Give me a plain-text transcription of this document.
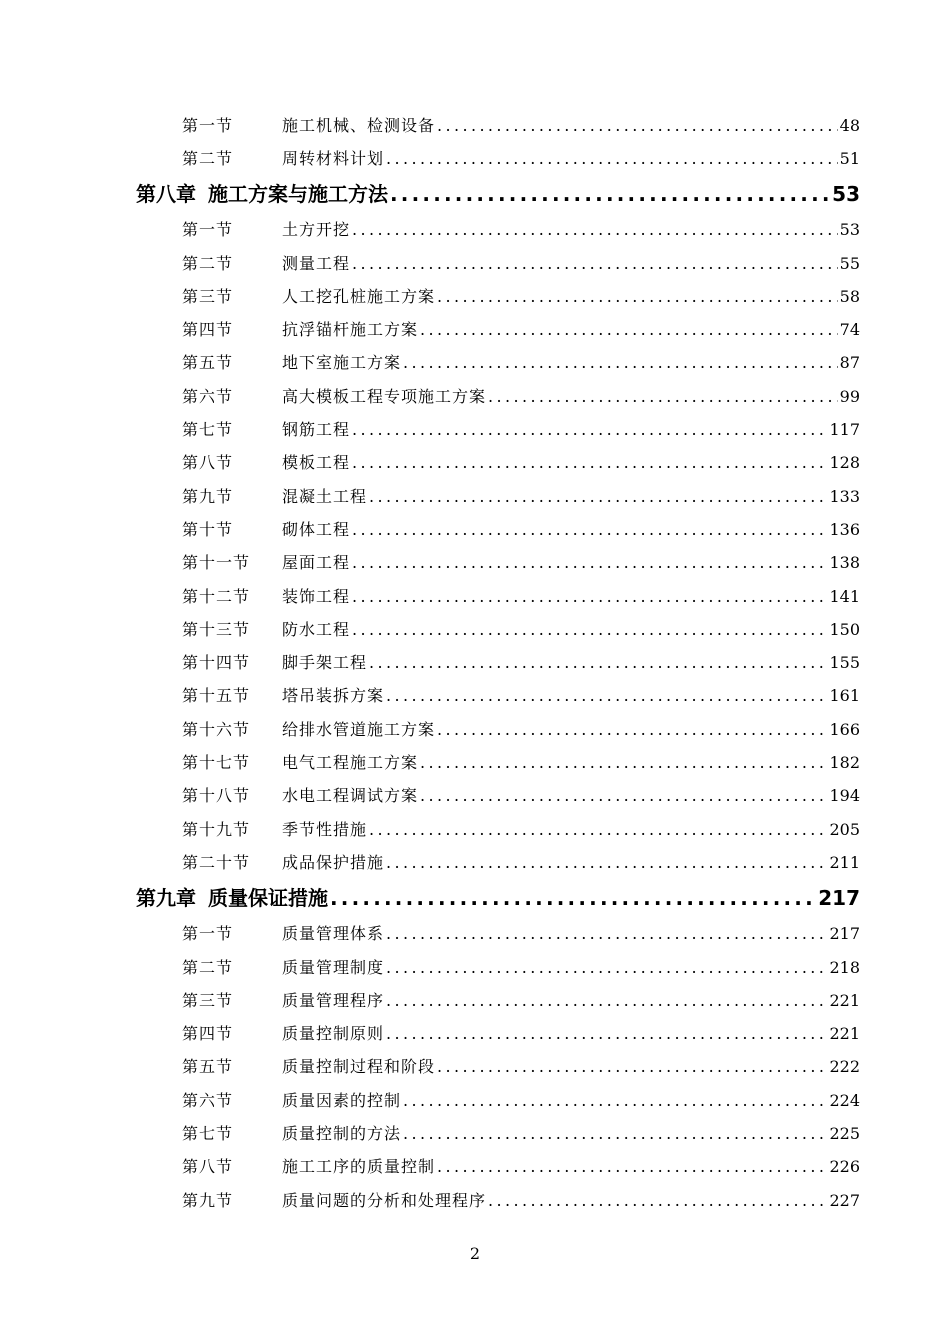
第一节	施工机械、检测设备 .....	48
第二节	周转材料计划 .....	51
第八章 施工方案与施工方法 .....	53
第一节	土方开挖 .....	53
第二节	测量工程 .....	55
第三节	人工挖孔桩施工方案 .....	58
第四节	抗浮锚杆施工方案 .....	74
第五节	地下室施工方案 .....	87
第六节	高大模板工程专项施工方案 .....	99
第七节	钢筋工程 .....	117
第八节	模板工程 .....	128
第九节	混凝土工程 .....	133
第十节	砌体工程 .....	136
第十一节	屋面工程 .....	138
第十二节	装饰工程 .....	141
第十三节	防水工程 .....	150
第十四节	脚手架工程 .....	155
第十五节	塔吊装拆方案 .....	161
第十六节	给排水管道施工方案 .....	166
第十七节	电气工程施工方案 .....	182
第十八节	水电工程调试方案 .....	194
第十九节	季节性措施 .....	205
第二十节	成品保护措施 .....	211
第九章 质量保证措施 .....	217
第一节	质量管理体系 .....	217
第二节	质量管理制度 .....	218
第三节	质量管理程序 .....	221
第四节	质量控制原则 .....	221
第五节	质量控制过程和阶段 .....	222
第六节	质量因素的控制 .....	224
第七节	质量控制的方法 .....	225
第八节	施工工序的质量控制 .....	226
第九节	质量问题的分析和处理程序 .....	227
2
